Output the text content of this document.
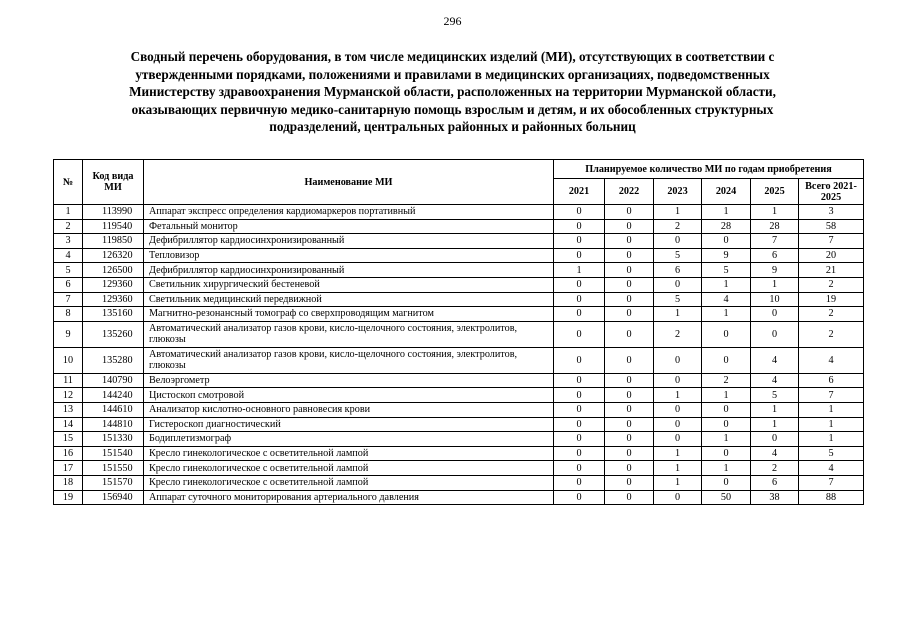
296
Сводный перечень оборудования, в том числе медицинских изделий (МИ), отсутствующих в соответствии с
утвержденными порядками, положениями и правилами в медицинских организациях, подведомственных
Министерству здравоохранения Мурманской области, расположенных на территории Мурманской области,
оказывающих первичную медико-санитарную помощь взрослым и детям, и их обособленных структурных
подразделений, центральных районных и районных больниц
№	Код вида МИ	Наименование МИ	Планируемое количество МИ по годам приобретения					
			2021	2022	2023	2024	2025	Всего 2021-2025
1	113990	Аппарат экспресс определения кардиомаркеров портативный	0	0	1	1	1	3
2	119540	Фетальный монитор	0	0	2	28	28	58
3	119850	Дефибриллятор кардиосинхронизированный	0	0	0	0	7	7
4	126320	Тепловизор	0	0	5	9	6	20
5	126500	Дефибриллятор кардиосинхронизированный	1	0	6	5	9	21
6	129360	Светильник хирургический бестеневой	0	0	0	1	1	2
7	129360	Светильник медицинский передвижной	0	0	5	4	10	19
8	135160	Магнитно-резонансный томограф со сверхпроводящим магнитом	0	0	1	1	0	2
9	135260	Автоматический анализатор газов крови, кисло-щелочного состояния, электролитов, глюкозы	0	0	2	0	0	2
10	135280	Автоматический анализатор газов крови, кисло-щелочного состояния, электролитов, глюкозы	0	0	0	0	4	4
11	140790	Велоэргометр	0	0	0	2	4	6
12	144240	Цистоскоп смотровой	0	0	1	1	5	7
13	144610	Анализатор кислотно-основного равновесия крови	0	0	0	0	1	1
14	144810	Гистероскоп диагностический	0	0	0	0	1	1
15	151330	Бодиплетизмограф	0	0	0	1	0	1
16	151540	Кресло гинекологическое с осветительной лампой	0	0	1	0	4	5
17	151550	Кресло гинекологическое с осветительной лампой	0	0	1	1	2	4
18	151570	Кресло гинекологическое с осветительной лампой	0	0	1	0	6	7
19	156940	Аппарат суточного мониторирования артериального давления	0	0	0	50	38	88
